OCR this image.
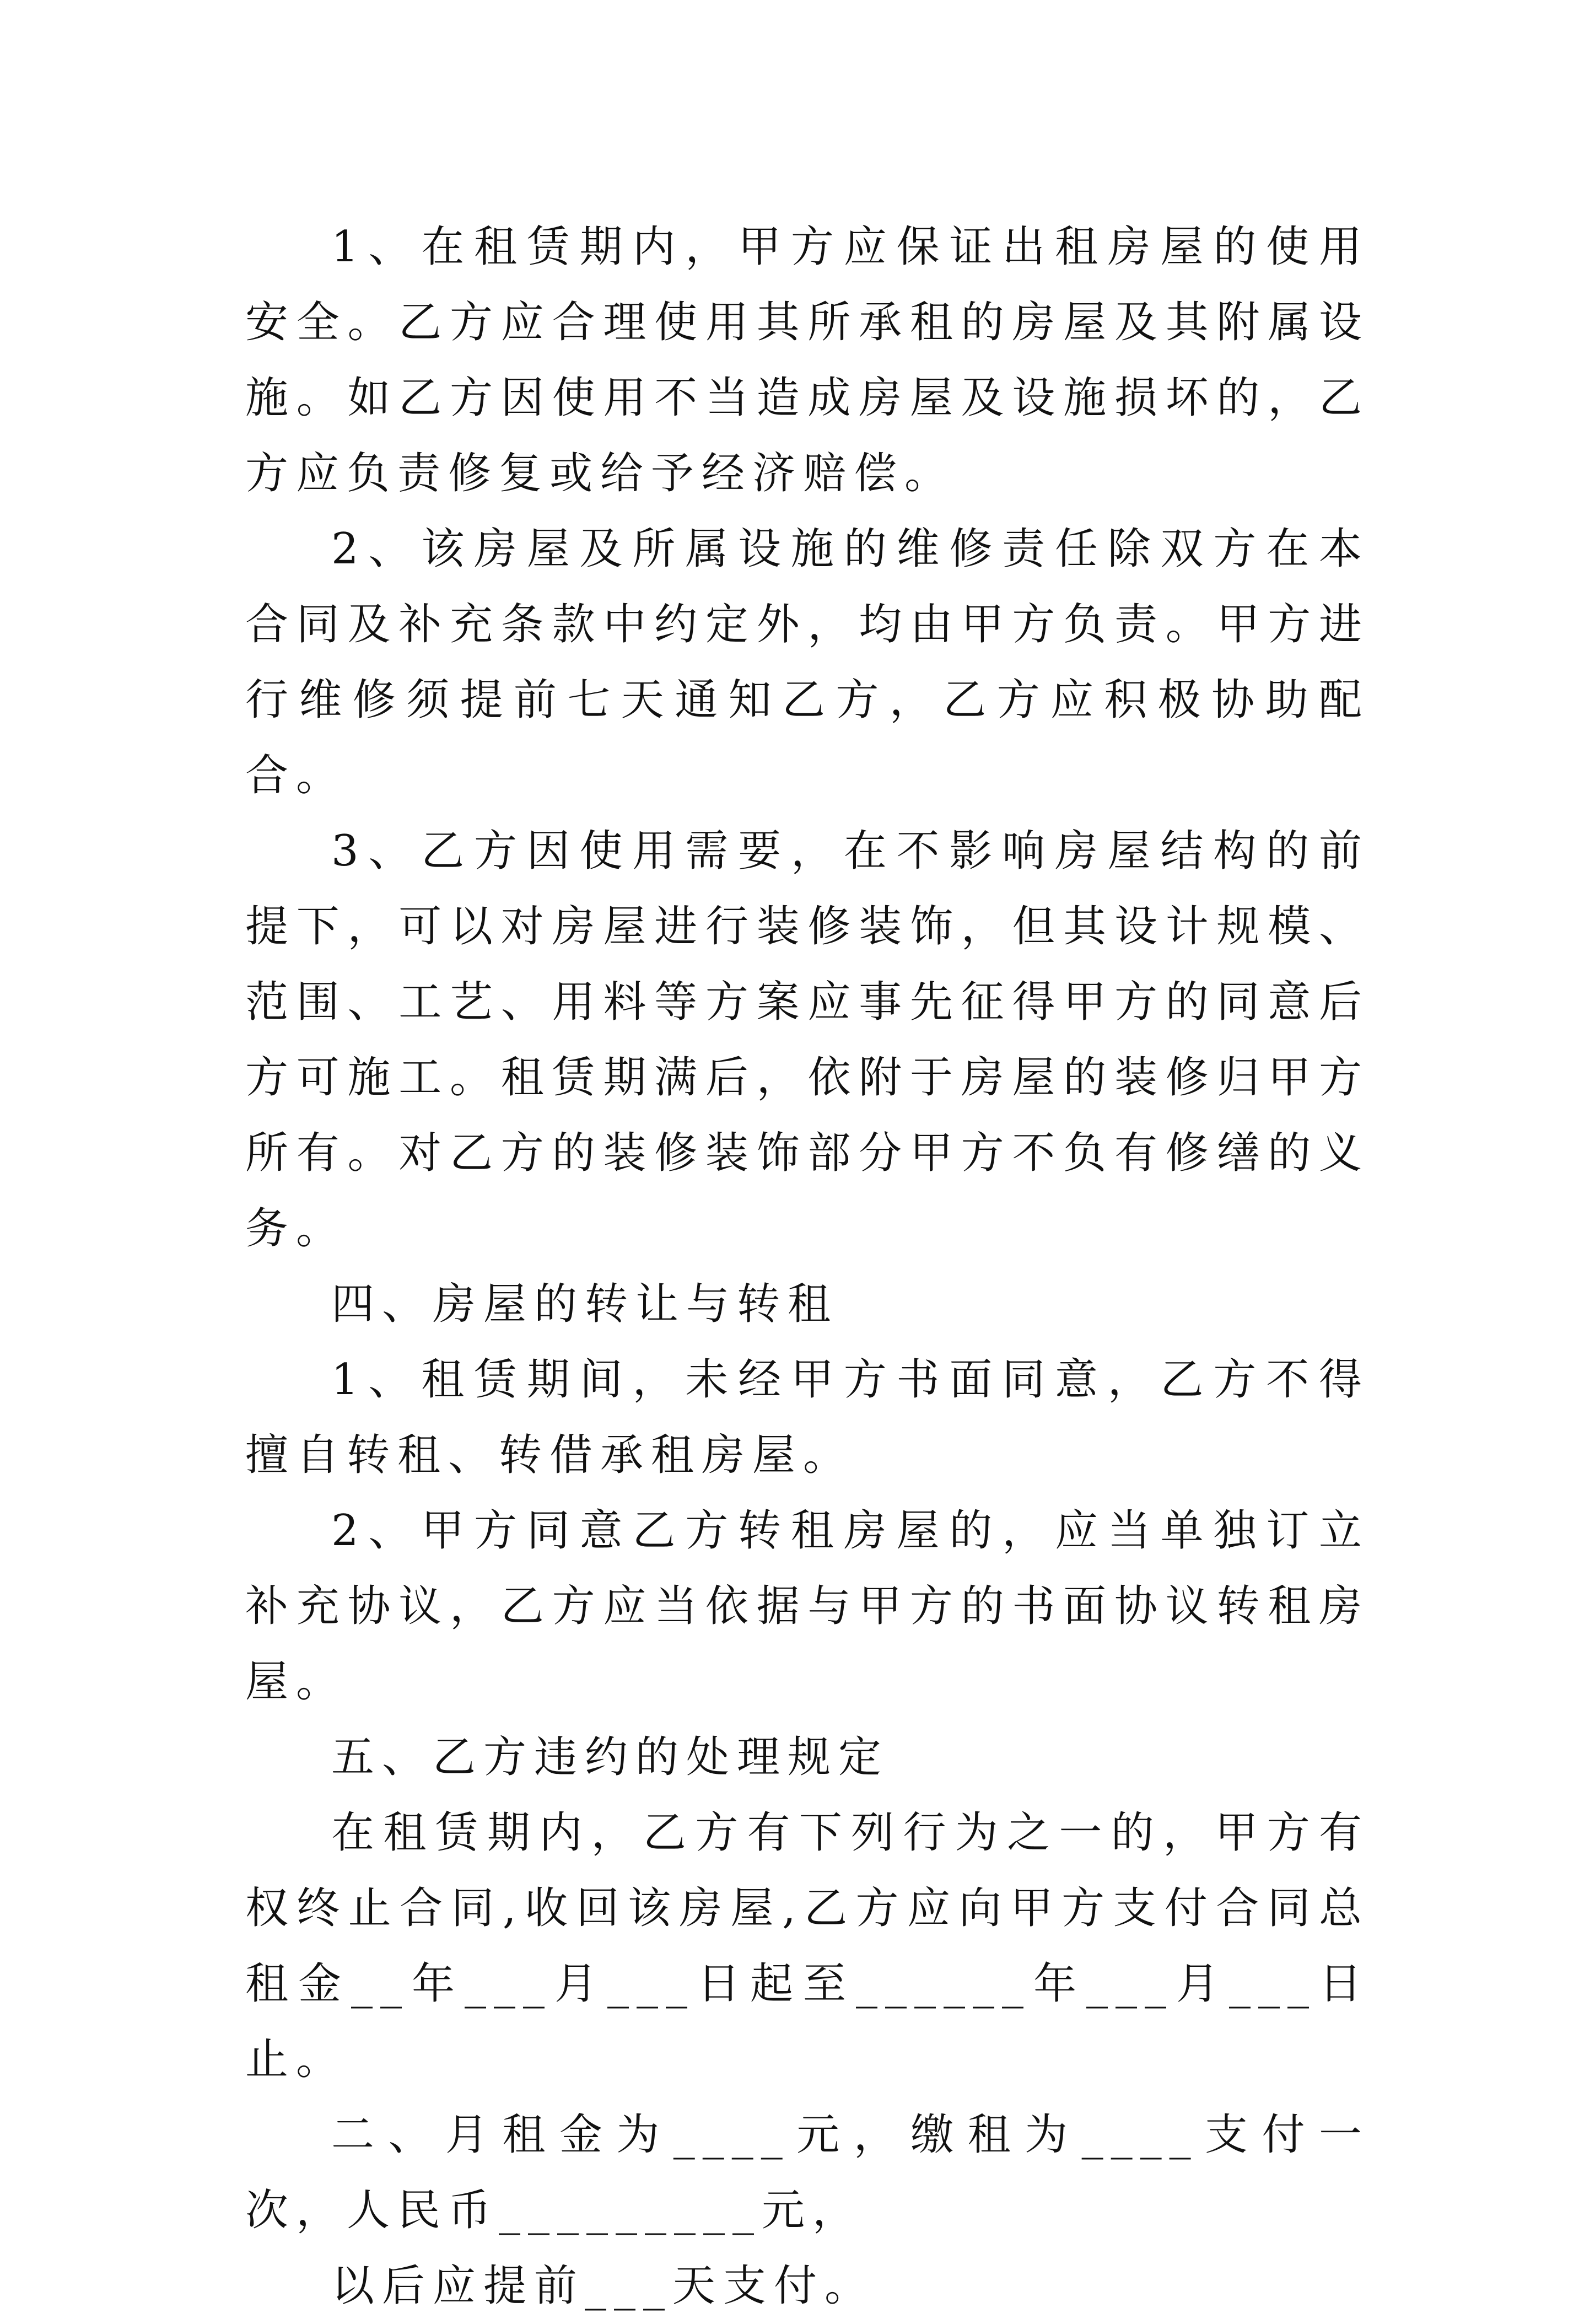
1、在租赁期内，甲方应保证出租房屋的使用安全。乙方应合理使用其所承租的房屋及其附属设施。如乙方因使用不当造成房屋及设施损坏的，乙方应负责修复或给予经济赔偿。

2、该房屋及所属设施的维修责任除双方在本合同及补充条款中约定外，均由甲方负责。甲方进行维修须提前七天通知乙方，乙方应积极协助配合。

3、乙方因使用需要，在不影响房屋结构的前提下，可以对房屋进行装修装饰，但其设计规模、范围、工艺、用料等方案应事先征得甲方的同意后方可施工。租赁期满后，依附于房屋的装修归甲方所有。对乙方的装修装饰部分甲方不负有修缮的义务。

四、房屋的转让与转租

1、租赁期间，未经甲方书面同意，乙方不得擅自转租、转借承租房屋。

2、甲方同意乙方转租房屋的，应当单独订立补充协议，乙方应当依据与甲方的书面协议转租房屋。

五、乙方违约的处理规定

在租赁期内，乙方有下列行为之一的，甲方有权终止合同,收回该房屋,乙方应向甲方支付合同总租金__年___月___日起至______年___月___日止。

二、月租金为____元，缴租为____支付一次，人民币_________元，

以后应提前___天支付。
